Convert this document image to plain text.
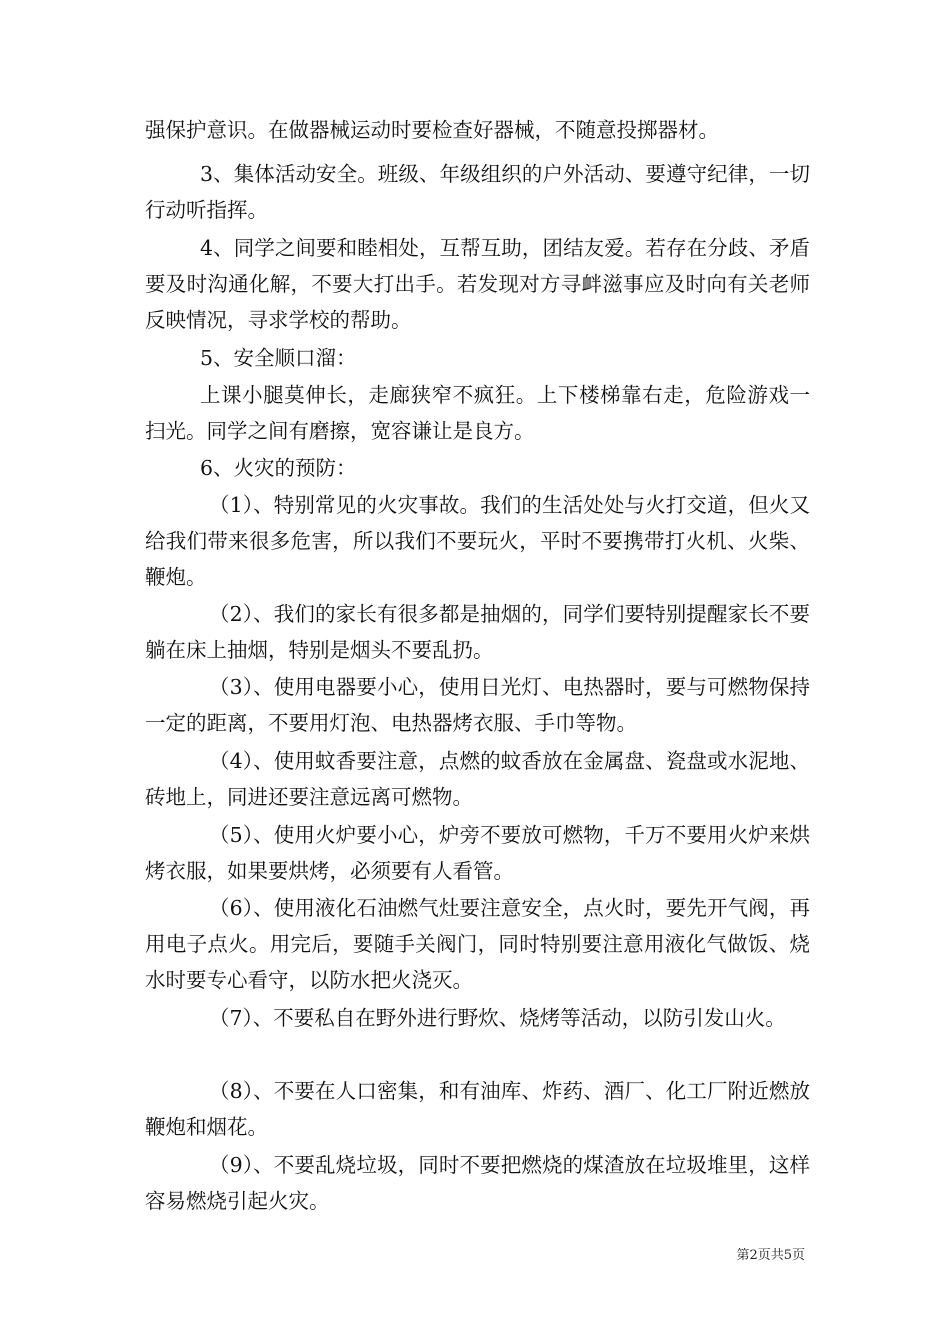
强保护意识。在做器械运动时要检查好器械，不随意投掷器材。

3、集体活动安全。班级、年级组织的户外活动、要遵守纪律，一切行动听指挥。

4、同学之间要和睦相处，互帮互助，团结友爱。若存在分歧、矛盾要及时沟通化解，不要大打出手。若发现对方寻衅滋事应及时向有关老师反映情况，寻求学校的帮助。

5、安全顺口溜：

上课小腿莫伸长，走廊狭窄不疯狂。上下楼梯靠右走，危险游戏一扫光。同学之间有磨擦，宽容谦让是良方。

6、火灾的预防：

（1）、特别常见的火灾事故。我们的生活处处与火打交道，但火又给我们带来很多危害，所以我们不要玩火，平时不要携带打火机、火柴、鞭炮。

（2）、我们的家长有很多都是抽烟的，同学们要特别提醒家长不要躺在床上抽烟，特别是烟头不要乱扔。

（3）、使用电器要小心，使用日光灯、电热器时，要与可燃物保持一定的距离，不要用灯泡、电热器烤衣服、手巾等物。

（4）、使用蚊香要注意，点燃的蚊香放在金属盘、瓷盘或水泥地、砖地上，同进还要注意远离可燃物。

（5）、使用火炉要小心，炉旁不要放可燃物，千万不要用火炉来烘烤衣服，如果要烘烤，必须要有人看管。

（6）、使用液化石油燃气灶要注意安全，点火时，要先开气阀，再用电子点火。用完后，要随手关阀门，同时特别要注意用液化气做饭、烧水时要专心看守，以防水把火浇灭。

（7）、不要私自在野外进行野炊、烧烤等活动，以防引发山火。

（8）、不要在人口密集，和有油库、炸药、酒厂、化工厂附近燃放鞭炮和烟花。

（9）、不要乱烧垃圾，同时不要把燃烧的煤渣放在垃圾堆里，这样容易燃烧引起火灾。

第2页共5页
